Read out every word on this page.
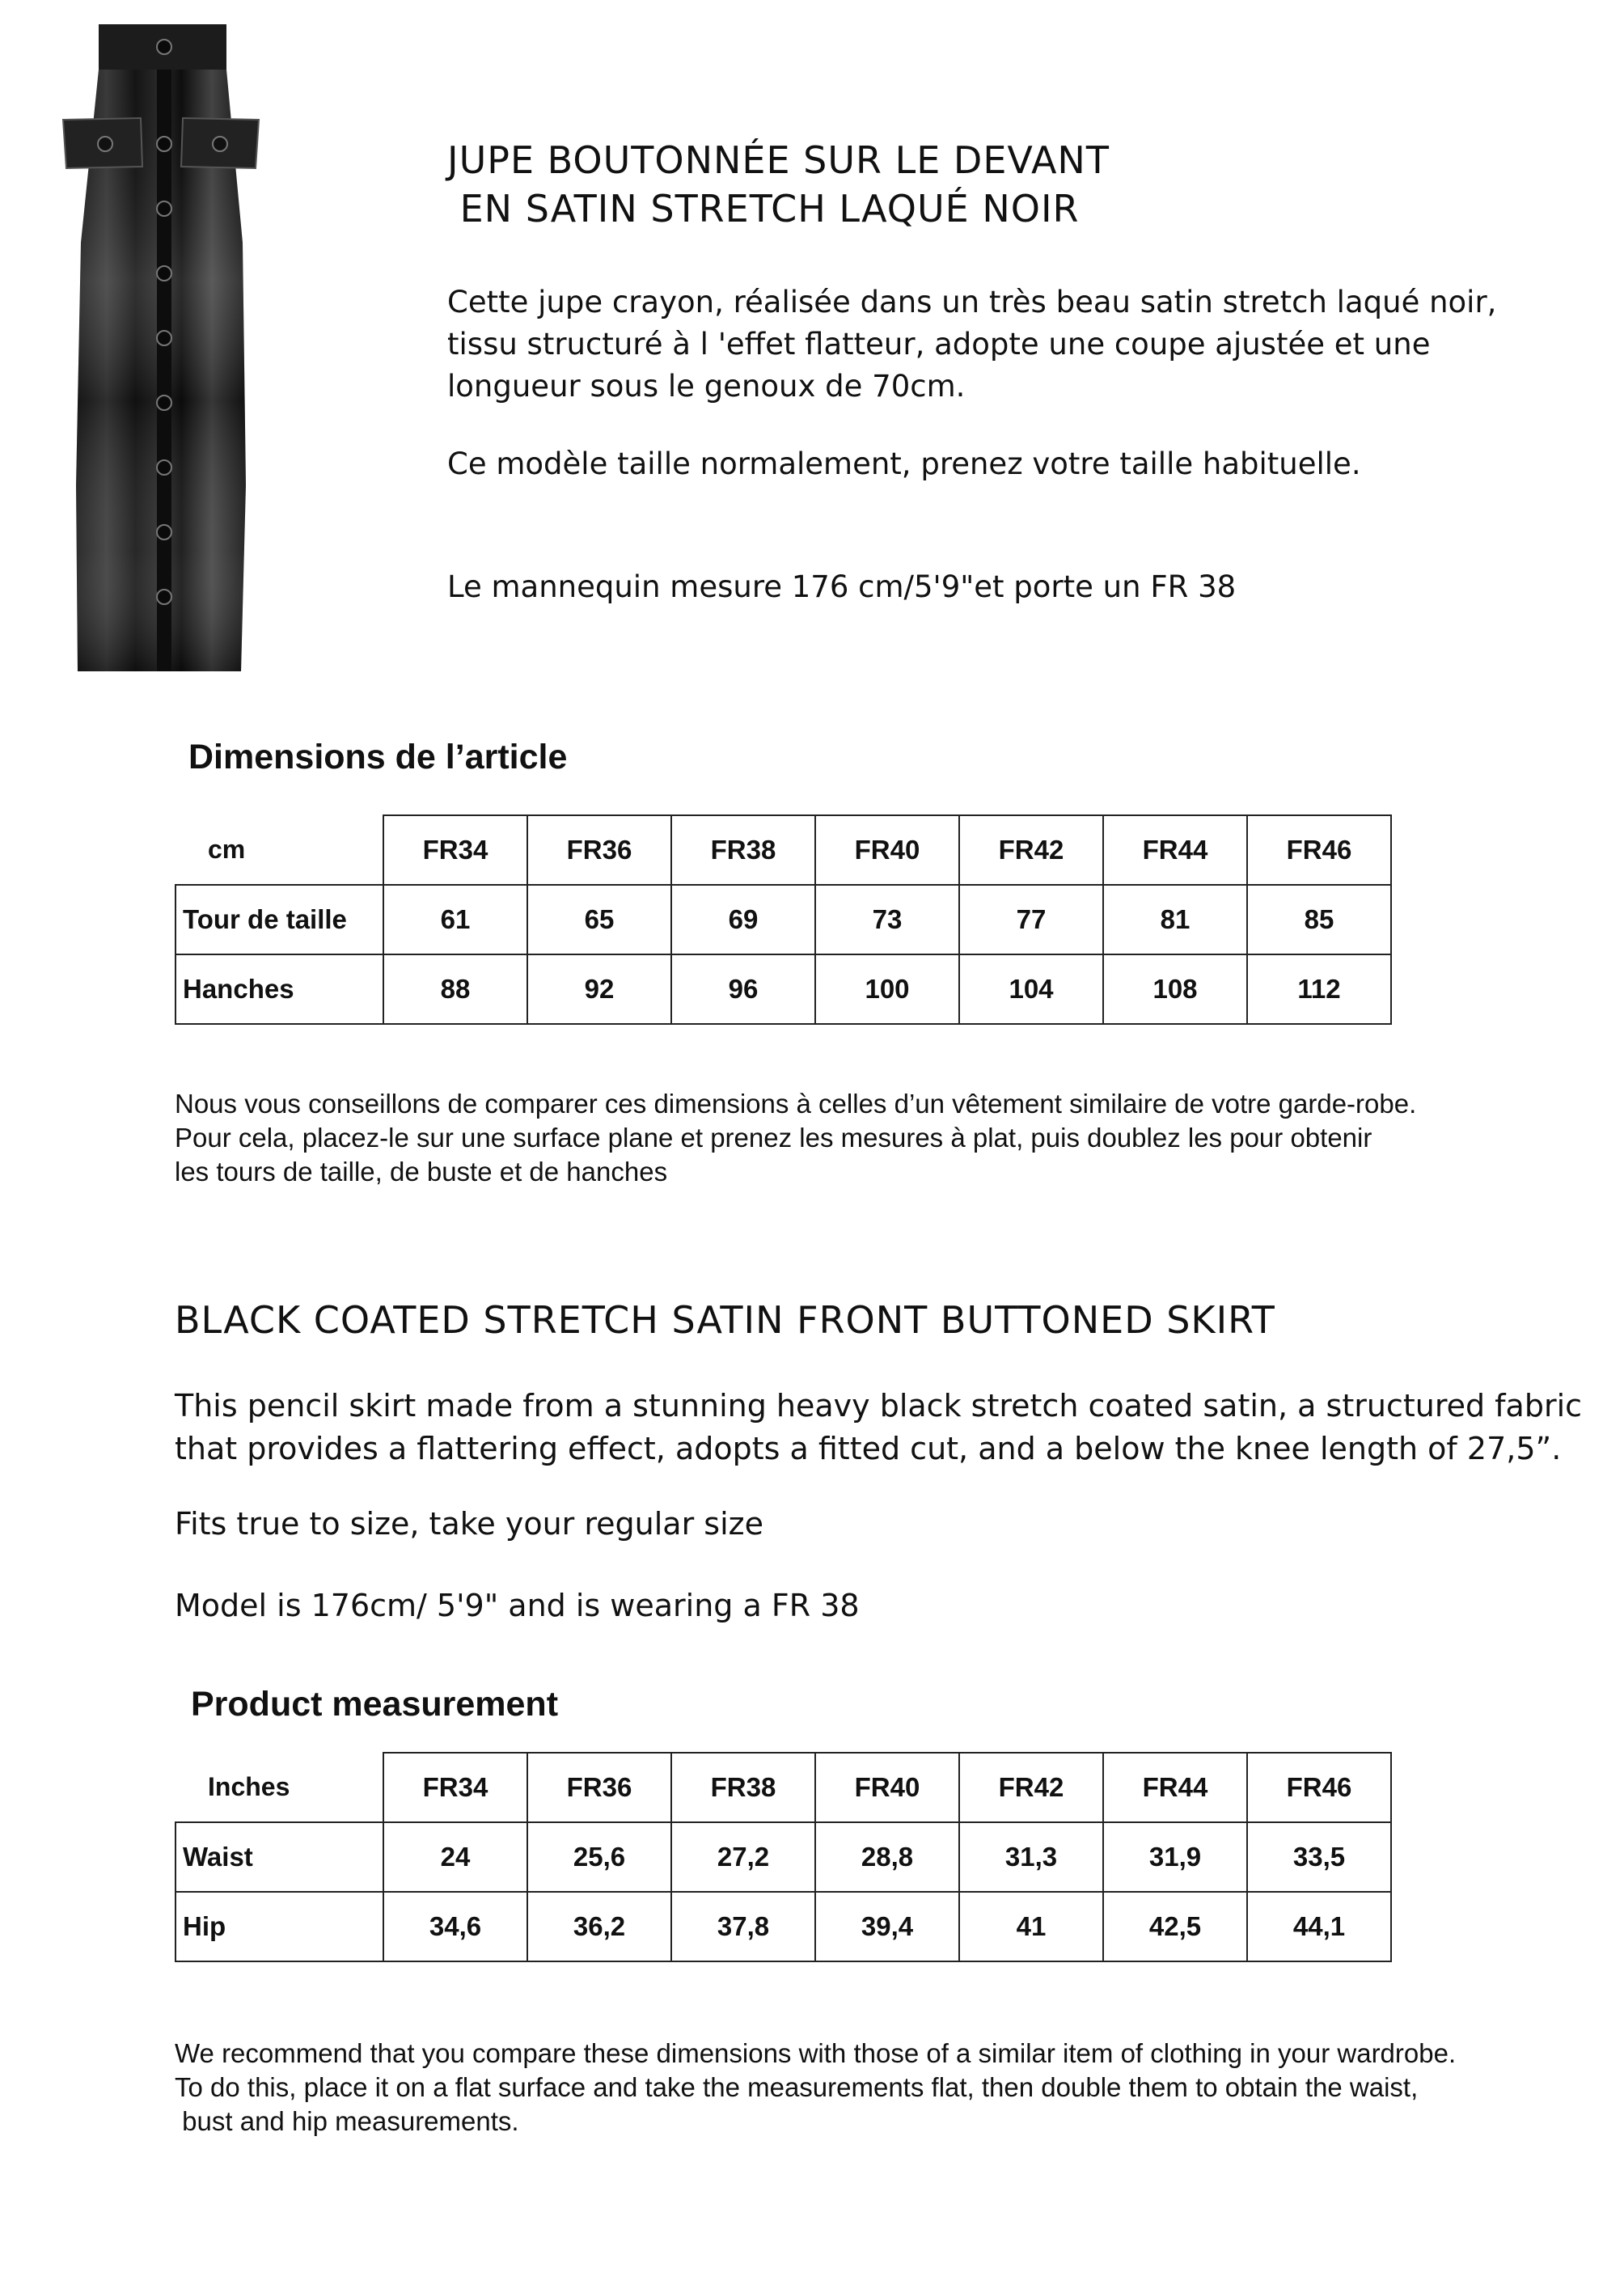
JUPE BOUTONNÉE SUR LE DEVANT
EN SATIN STRETCH LAQUÉ NOIR
Cette jupe crayon, réalisée dans un très beau satin stretch laqué noir, tissu structuré à l 'effet flatteur, adopte une coupe ajustée et une longueur sous le genoux de 70cm.
Ce modèle taille normalement, prenez votre taille habituelle.
Le mannequin mesure 176 cm/5'9"et porte un FR 38
Dimensions de l’article
cm	FR34	FR36	FR38	FR40	FR42	FR44	FR46
Tour de taille	61	65	69	73	77	81	85
Hanches	88	92	96	100	104	108	112
Nous vous conseillons de comparer ces dimensions à celles d’un vêtement similaire de votre garde-robe.
Pour cela, placez-le sur une surface plane et prenez les mesures à plat, puis doublez les pour obtenir
les tours de taille, de buste et de hanches
BLACK COATED STRETCH SATIN FRONT BUTTONED SKIRT
This pencil skirt made from a stunning heavy black stretch coated satin, a structured fabric that provides a flattering effect, adopts a fitted cut, and a below the knee length of 27,5”.
Fits true to size, take your regular size
Model is 176cm/ 5'9" and is wearing a FR 38
Product measurement
Inches	FR34	FR36	FR38	FR40	FR42	FR44	FR46
Waist	24	25,6	27,2	28,8	31,3	31,9	33,5
Hip	34,6	36,2	37,8	39,4	41	42,5	44,1
We recommend that you compare these dimensions with those of a similar item of clothing in your wardrobe.
To do this, place it on a flat surface and take the measurements flat, then double them to obtain the waist,
bust and hip measurements.
